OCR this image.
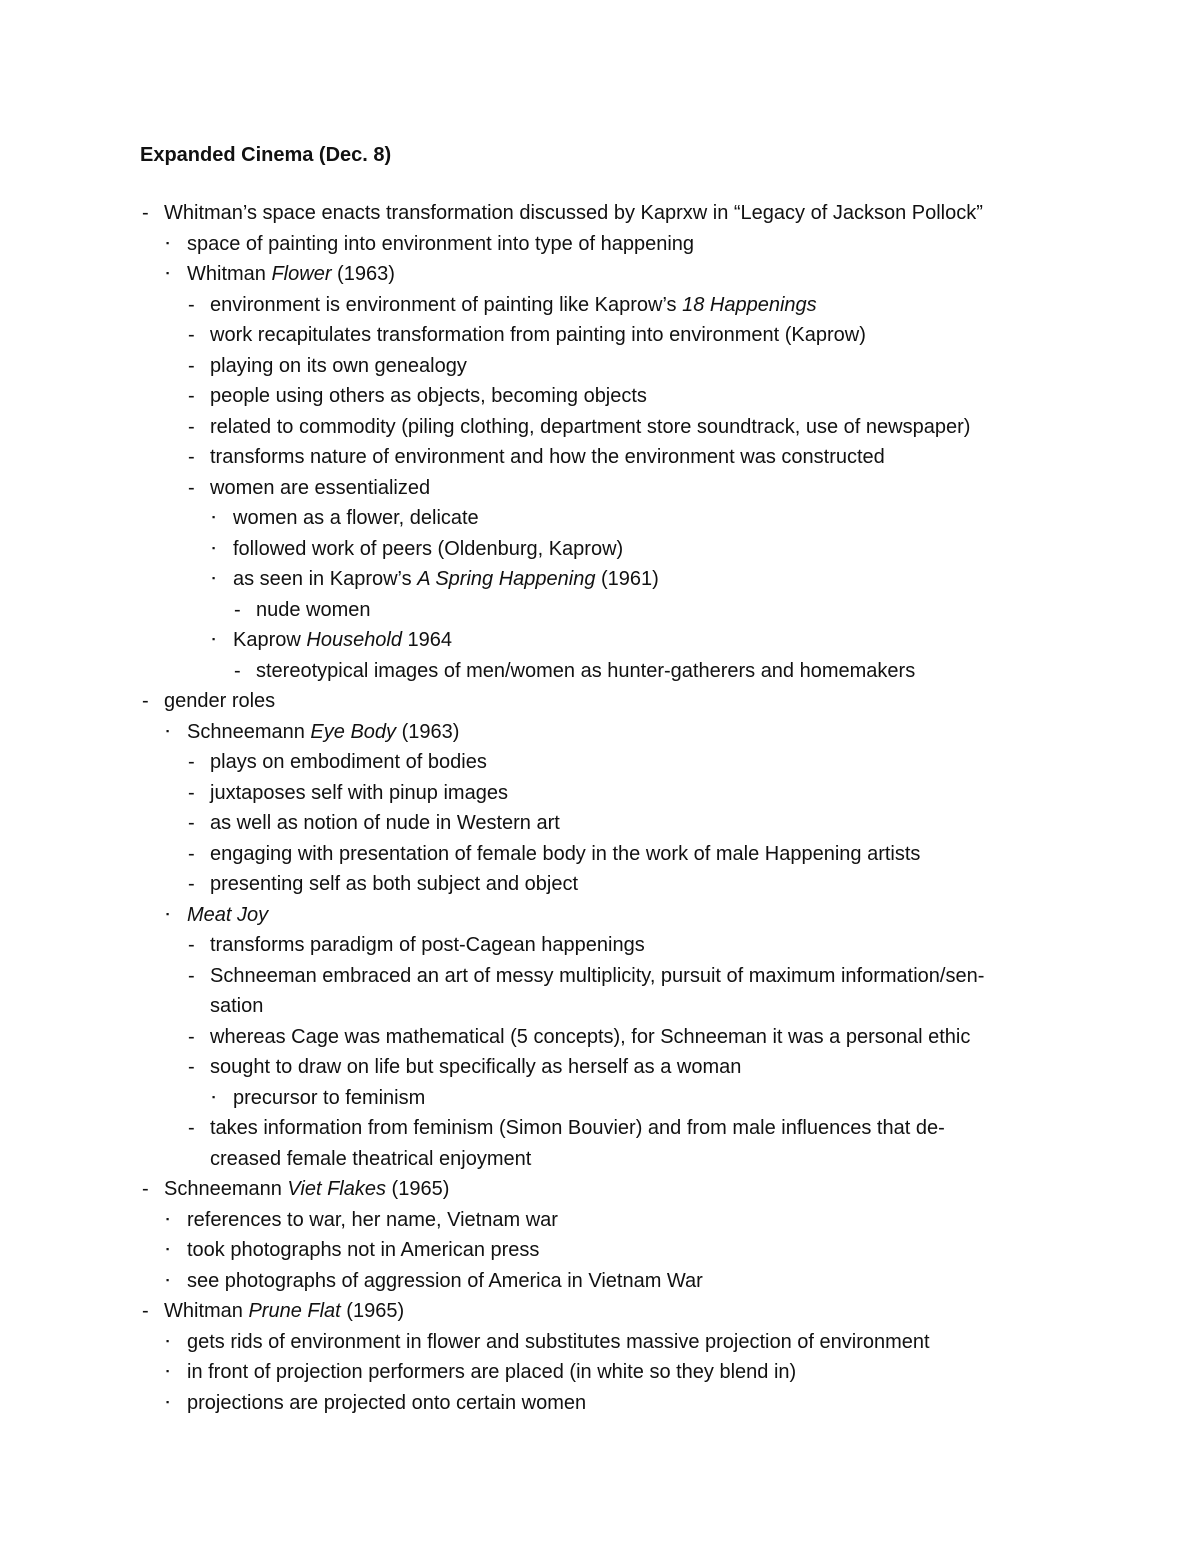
Expanded Cinema (Dec. 8)
- Whitman’s space enacts transformation discussed by Kaprxw in “Legacy of Jackson Pollock”
▪ space of painting into environment into type of happening
▪ Whitman Flower (1963)
- environment is environment of painting like Kaprow’s 18 Happenings
- work recapitulates transformation from painting into environment (Kaprow)
- playing on its own genealogy
- people using others as objects, becoming objects
- related to commodity (piling clothing, department store soundtrack, use of newspaper)
- transforms nature of environment and how the environment was constructed
- women are essentialized
▪ women as a flower, delicate
▪ followed work of peers (Oldenburg, Kaprow)
▪ as seen in Kaprow’s A Spring Happening (1961)
- nude women
▪ Kaprow Household 1964
- stereotypical images of men/women as hunter-gatherers and homemakers
- gender roles
▪ Schneemann Eye Body (1963)
- plays on embodiment of bodies
- juxtaposes self with pinup images
- as well as notion of nude in Western art
- engaging with presentation of female body in the work of male Happening artists
- presenting self as both subject and object
▪ Meat Joy
- transforms paradigm of post-Cagean happenings
- Schneeman embraced an art of messy multiplicity, pursuit of maximum information/sen-
sation
- whereas Cage was mathematical (5 concepts), for Schneeman it was a personal ethic
- sought to draw on life but specifically as herself as a woman
▪ precursor to feminism
- takes information from feminism (Simon Bouvier) and from male influences that de-
creased female theatrical enjoyment
- Schneemann Viet Flakes (1965)
▪ references to war, her name, Vietnam war
▪ took photographs not in American press
▪ see photographs of aggression of America in Vietnam War
- Whitman Prune Flat (1965)
▪ gets rids of environment in flower and substitutes massive projection of environment
▪ in front of projection performers are placed (in white so they blend in)
▪ projections are projected onto certain women
